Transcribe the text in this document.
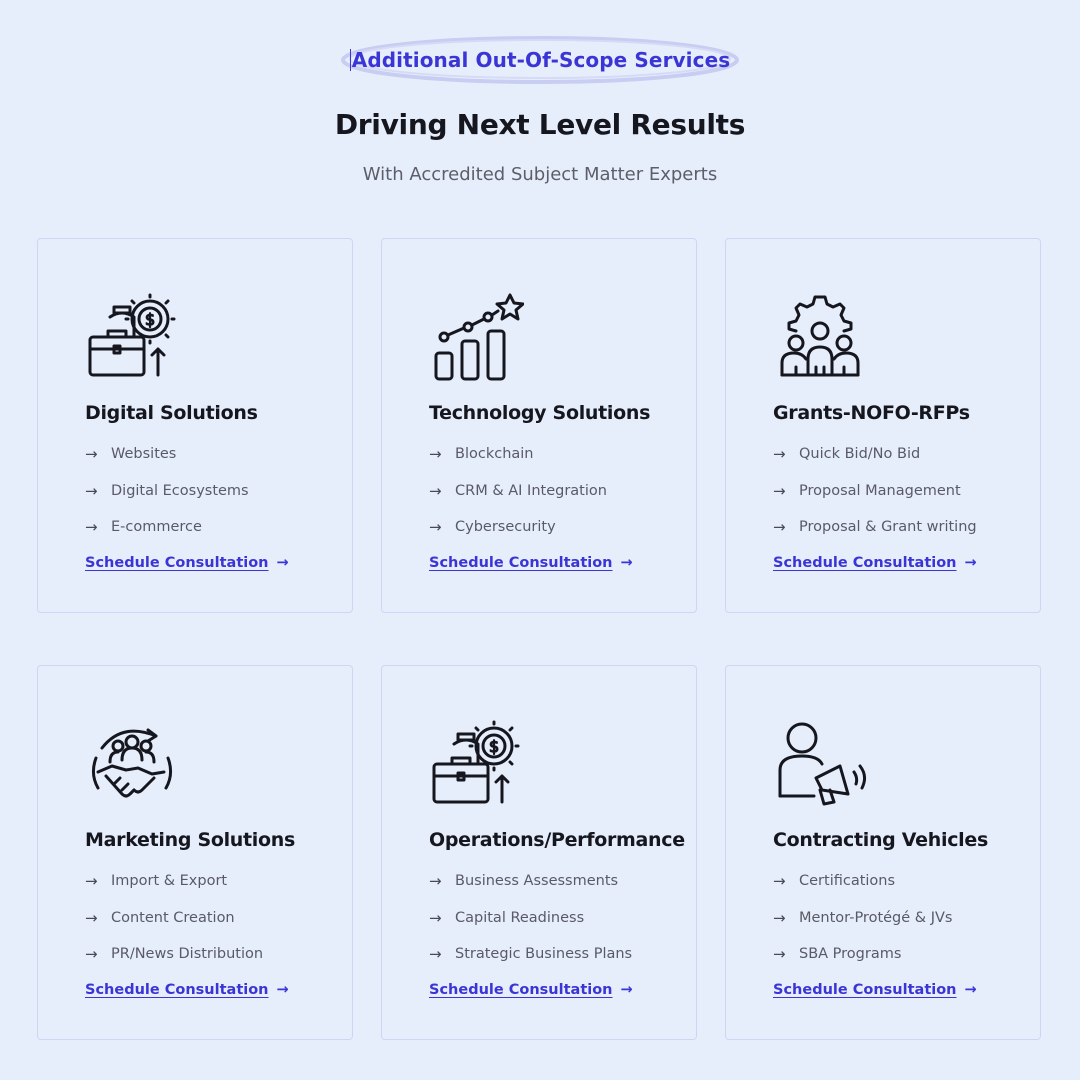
Additional Out-Of-Scope Services
Driving Next Level Results
With Accredited Subject Matter Experts
$
Digital Solutions
→ Websites
→ Digital Ecosystems
→ E-commerce
Schedule Consultation →
Technology Solutions
→ Blockchain
→ CRM & AI Integration
→ Cybersecurity
Schedule Consultation →
Grants-NOFO-RFPs
→ Quick Bid/No Bid
→ Proposal Management
→ Proposal & Grant writing
Schedule Consultation →
Marketing Solutions
→ Import & Export
→ Content Creation
→ PR/News Distribution
Schedule Consultation →
$
Operations/Performance
→ Business Assessments
→ Capital Readiness
→ Strategic Business Plans
Schedule Consultation →
Contracting Vehicles
→ Certifications
→ Mentor-Protégé & JVs
→ SBA Programs
Schedule Consultation →
